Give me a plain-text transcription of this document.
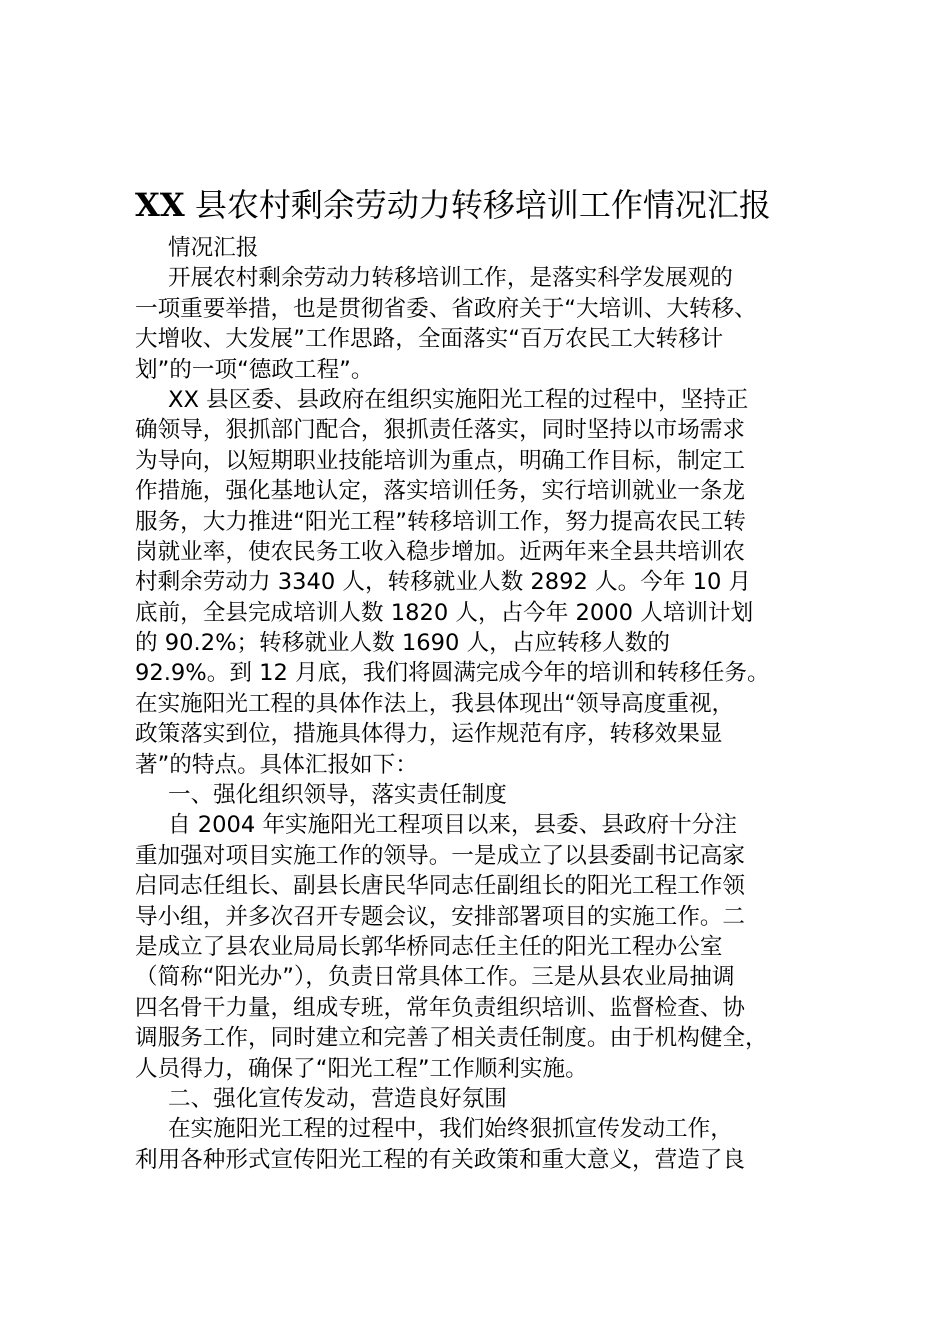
XX 县农村剩余劳动力转移培训工作情况汇报
情况汇报
开展农村剩余劳动力转移培训工作，是落实科学发展观的
一项重要举措，也是贯彻省委、省政府关于“大培训、大转移、
大增收、大发展”工作思路，全面落实“百万农民工大转移计
划”的一项“德政工程”。
XX 县区委、县政府在组织实施阳光工程的过程中，坚持正
确领导，狠抓部门配合，狠抓责任落实，同时坚持以市场需求
为导向，以短期职业技能培训为重点，明确工作目标，制定工
作措施，强化基地认定，落实培训任务，实行培训就业一条龙
服务，大力推进“阳光工程”转移培训工作，努力提高农民工转
岗就业率，使农民务工收入稳步增加。近两年来全县共培训农
村剩余劳动力 3340 人，转移就业人数 2892 人。今年 10 月
底前，全县完成培训人数 1820 人，占今年 2000 人培训计划
的 90.2%；转移就业人数 1690 人，占应转移人数的
92.9%。到 12 月底，我们将圆满完成今年的培训和转移任务。
在实施阳光工程的具体作法上，我县体现出“领导高度重视，
政策落实到位，措施具体得力，运作规范有序，转移效果显
著”的特点。具体汇报如下：
一、强化组织领导，落实责任制度
自 2004 年实施阳光工程项目以来，县委、县政府十分注
重加强对项目实施工作的领导。一是成立了以县委副书记高家
启同志任组长、副县长唐民华同志任副组长的阳光工程工作领
导小组，并多次召开专题会议，安排部署项目的实施工作。二
是成立了县农业局局长郭华桥同志任主任的阳光工程办公室
（简称“阳光办”），负责日常具体工作。三是从县农业局抽调
四名骨干力量，组成专班，常年负责组织培训、监督检查、协
调服务工作，同时建立和完善了相关责任制度。由于机构健全，
人员得力，确保了“阳光工程”工作顺利实施。
二、强化宣传发动，营造良好氛围
在实施阳光工程的过程中，我们始终狠抓宣传发动工作，
利用各种形式宣传阳光工程的有关政策和重大意义，营造了良
